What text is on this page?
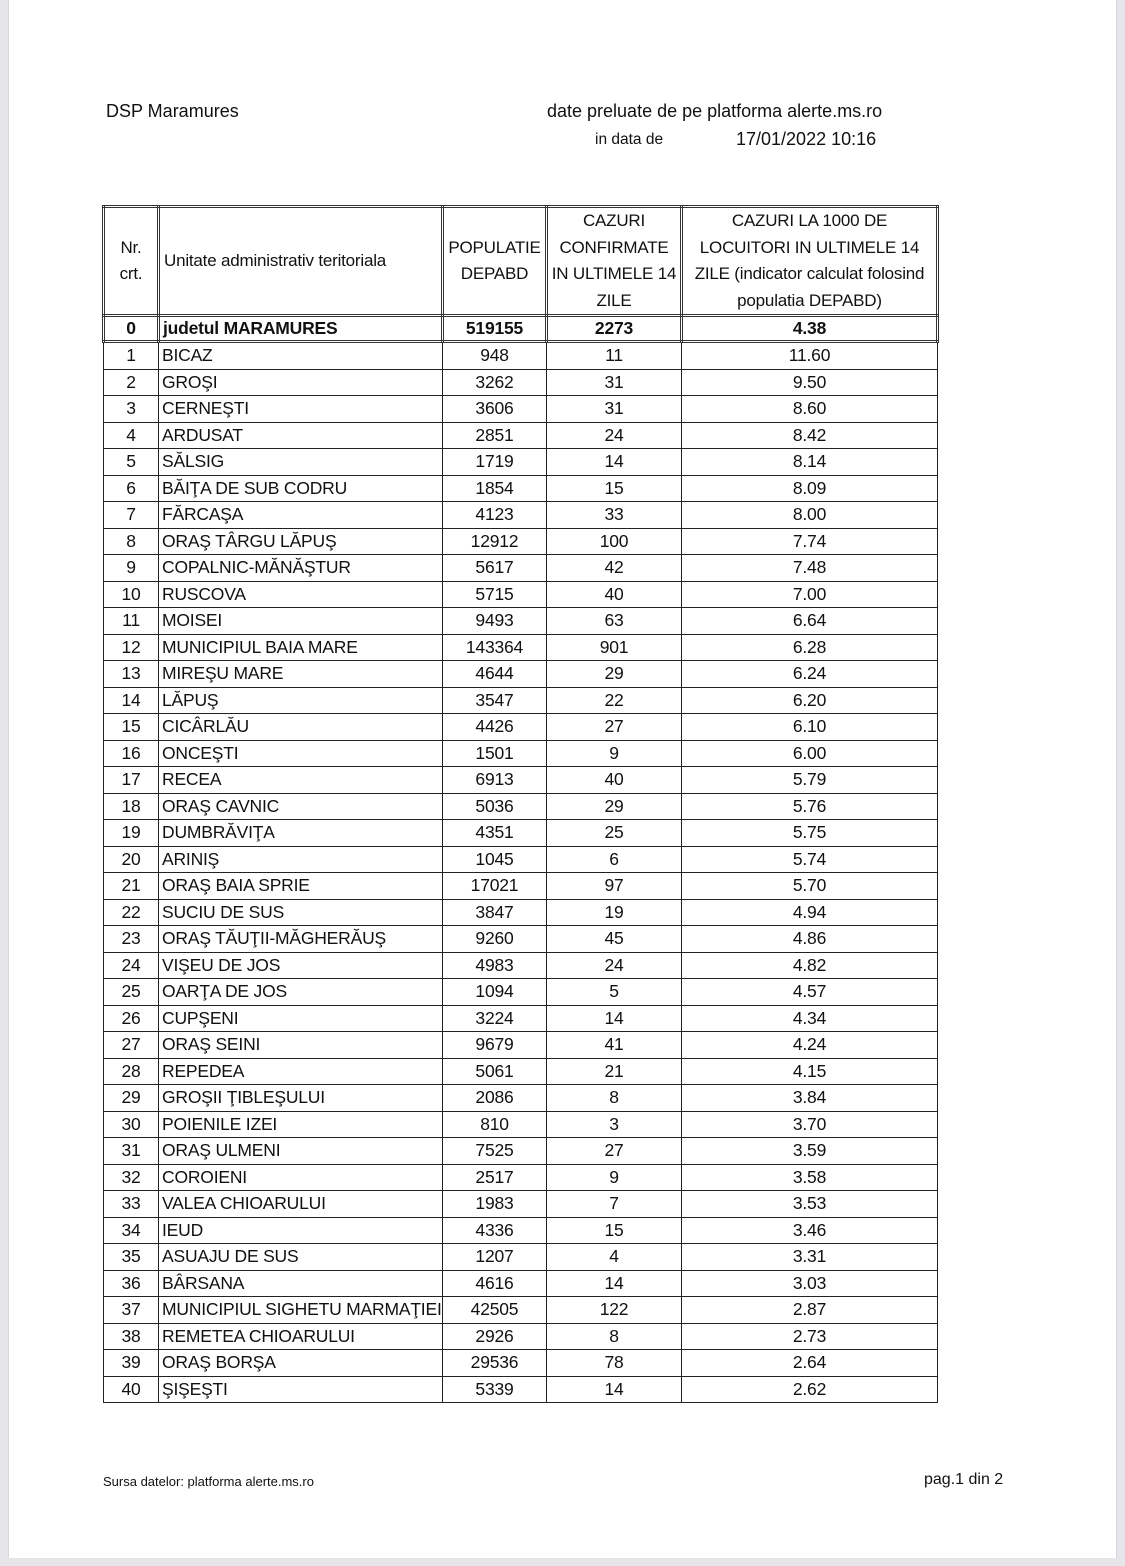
DSP Maramures	date preluate de pe platforma alerte.ms.ro
in data de	17/01/2022 10:16
Nr. crt.	Unitate administrativ teritoriala	POPULATIE DEPABD	CAZURI CONFIRMATE IN ULTIMELE 14 ZILE	CAZURI LA 1000 DE LOCUITORI IN ULTIMELE 14 ZILE (indicator calculat folosind populatia DEPABD)
0	judetul MARAMURES	519155	2273	4.38
1	BICAZ	948	11	11.60
2	GROŞI	3262	31	9.50
3	CERNEŞTI	3606	31	8.60
4	ARDUSAT	2851	24	8.42
5	SĂLSIG	1719	14	8.14
6	BĂIŢA DE SUB CODRU	1854	15	8.09
7	FĂRCAŞA	4123	33	8.00
8	ORAŞ TÂRGU LĂPUŞ	12912	100	7.74
9	COPALNIC-MĂNĂŞTUR	5617	42	7.48
10	RUSCOVA	5715	40	7.00
11	MOISEI	9493	63	6.64
12	MUNICIPIUL BAIA MARE	143364	901	6.28
13	MIREŞU MARE	4644	29	6.24
14	LĂPUŞ	3547	22	6.20
15	CICÂRLĂU	4426	27	6.10
16	ONCEŞTI	1501	9	6.00
17	RECEA	6913	40	5.79
18	ORAŞ CAVNIC	5036	29	5.76
19	DUMBRĂVIŢA	4351	25	5.75
20	ARINIŞ	1045	6	5.74
21	ORAŞ BAIA SPRIE	17021	97	5.70
22	SUCIU DE SUS	3847	19	4.94
23	ORAŞ TĂUŢII-MĂGHERĂUŞ	9260	45	4.86
24	VIŞEU DE JOS	4983	24	4.82
25	OARŢA DE JOS	1094	5	4.57
26	CUPŞENI	3224	14	4.34
27	ORAŞ SEINI	9679	41	4.24
28	REPEDEA	5061	21	4.15
29	GROŞII ŢIBLEŞULUI	2086	8	3.84
30	POIENILE IZEI	810	3	3.70
31	ORAŞ ULMENI	7525	27	3.59
32	COROIENI	2517	9	3.58
33	VALEA CHIOARULUI	1983	7	3.53
34	IEUD	4336	15	3.46
35	ASUAJU DE SUS	1207	4	3.31
36	BÂRSANA	4616	14	3.03
37	MUNICIPIUL SIGHETU MARMAŢIEI	42505	122	2.87
38	REMETEA CHIOARULUI	2926	8	2.73
39	ORAŞ BORŞA	29536	78	2.64
40	ŞIŞEŞTI	5339	14	2.62
Sursa datelor: platforma alerte.ms.ro	pag.1 din 2
